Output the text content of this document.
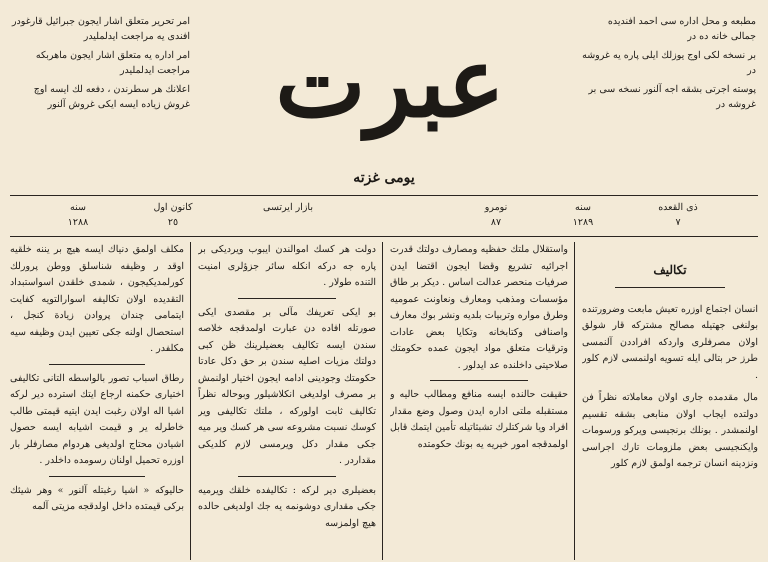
امر تحرير متعلق اشار ايجون جبرائيل قارغودر افندی يه مراجعت ايدلمليدر

امر اداره يه متعلق اشار ايجون ماهربكه مراجعت ايدلمليدر

اعلانك هر سطرندن ، دفعه لك ايسه اوچ غروش زياده ايسه ايكی غروش آلنور عبرت

مطبعه و محل اداره سی احمد افنديده جمالی خانه ده در

بر نسخه لكی اوج يوزلك ايلی پاره يه غروشه در

پوسته اجرتی بشقه اجه آلنور نسخه سی بر غروشه در

يومی غزته
ذی القعده
٧
سنه
١٢٨٩
نومرو
٨٧
بازار ايرتسی
كانون اول
٢٥
سنه
١٢٨٨
تكاليف

انسان اجتماع اوزره تعيش مابعت وضرورتنده بولنغی جهتيله مصالح مشتركه قار شولق اولان مصرفلری واردكه افراددن آلنمسی طرز حر بتالی ايله تسويه اولنمسی لازم كلور .

مال مقدمده جاری اولان معاملاته نظراً فن دولتده ايجاب اولان منابعی بشقه تقسيم اولنمشدر . بونلك برنجيسی ويركو ورسومات وايكنجيسی بعض ملزومات تارك اجراسی ونزدينه انسان ترجمه اولمق لازم كلور

واستقلال ملتك حفظيه ومصارف دولتك قدرت اجرائيه تشريع وقضا ايجون اقتضا ايدن صرفيات منحصر عدالت اساس . ديكر بر طاق مؤسسات ومذهب ومعارف ونعاونت عموميه وطرق مواره وتربيات بلديه ونشر بوك معارف واصنافی وكتابخانه وتكايا بعض عادات وترقيات متعلق مواد ايجون عمده حكومتك صلاحيتی داخلنده عد ايدلور .

حقيقت حالنده ايسه منافع ومطالب حاليه و مستقبله ملتی اداره ايدن وصول وضع مقدار افراد ويا شركتلرك تشبثاتيله تأمين ايتمك قابل اولمدقجه امور خيريه يه بونك حكومتده

دولت هر كسك اموالندن ايبوب ويرديكی بر پاره جه دركه انكله سائر جزؤلری امنيت التنده طولار .

بو ايكی تعريفك مآلی بر مقصدی ايكی صورتله افاده دن عبارت اولمدقجه خلاصه سندن ايسه تكاليف بعضيلرينك ظن كبی دولتك مزيات اصليه سندن بر حق دكل عادتا حكومتك وجودينی ادامه ايجون اختيار اولنمش بر مصرف اولديغی انكلاشيلور وبوحاله نظراً تكاليف ثابت اولوركه ، ملتك تكاليفی وير كوسك نسبت مشروعه سی هر كسك وير ميه جكی مقدار دكل ويرمسی لازم كلديكی مقداردر .

بعضيلری دير لركه : تكاليفده خلقك ويرميه جكی مقداری دوشونمه يه جك اولديغی حالده هيچ اولمزسه

مكلف اولمق دنياك ايسه هيچ بر يننه خلقيه اوقد ر وظيفه شناسلق ووطن پرورلك كورلمديكيجون ، شمدی خلقدن اسواستبداد التقديده اولان تكاليفه اسوارالتويه كفايت ايتمامی چندان پروادن زيادة كنجل ، استحصال اولنه جكی تعيين ايدن وظيفه سيه مكلفدر .

رطاق اسباب تصور بالواسطه التانی تكاليفی اختياری حكمنه ارجاع ايتك استرده دير لركه اشيا اله اولان رغبت ايدن ايتيه قيمتی طالب خاطرله ير و قيمت اشيابه ايسه حصول اشيادن محتاج اولديغی هردوام مصارفلر بار اوزره تحميل اولنان رسومده داخلدر .

حاليوكه « اشيا رغبتله آلنور » وهر شيئك بركی قيمتده داخل اولدقجه مزيتی آلمه
